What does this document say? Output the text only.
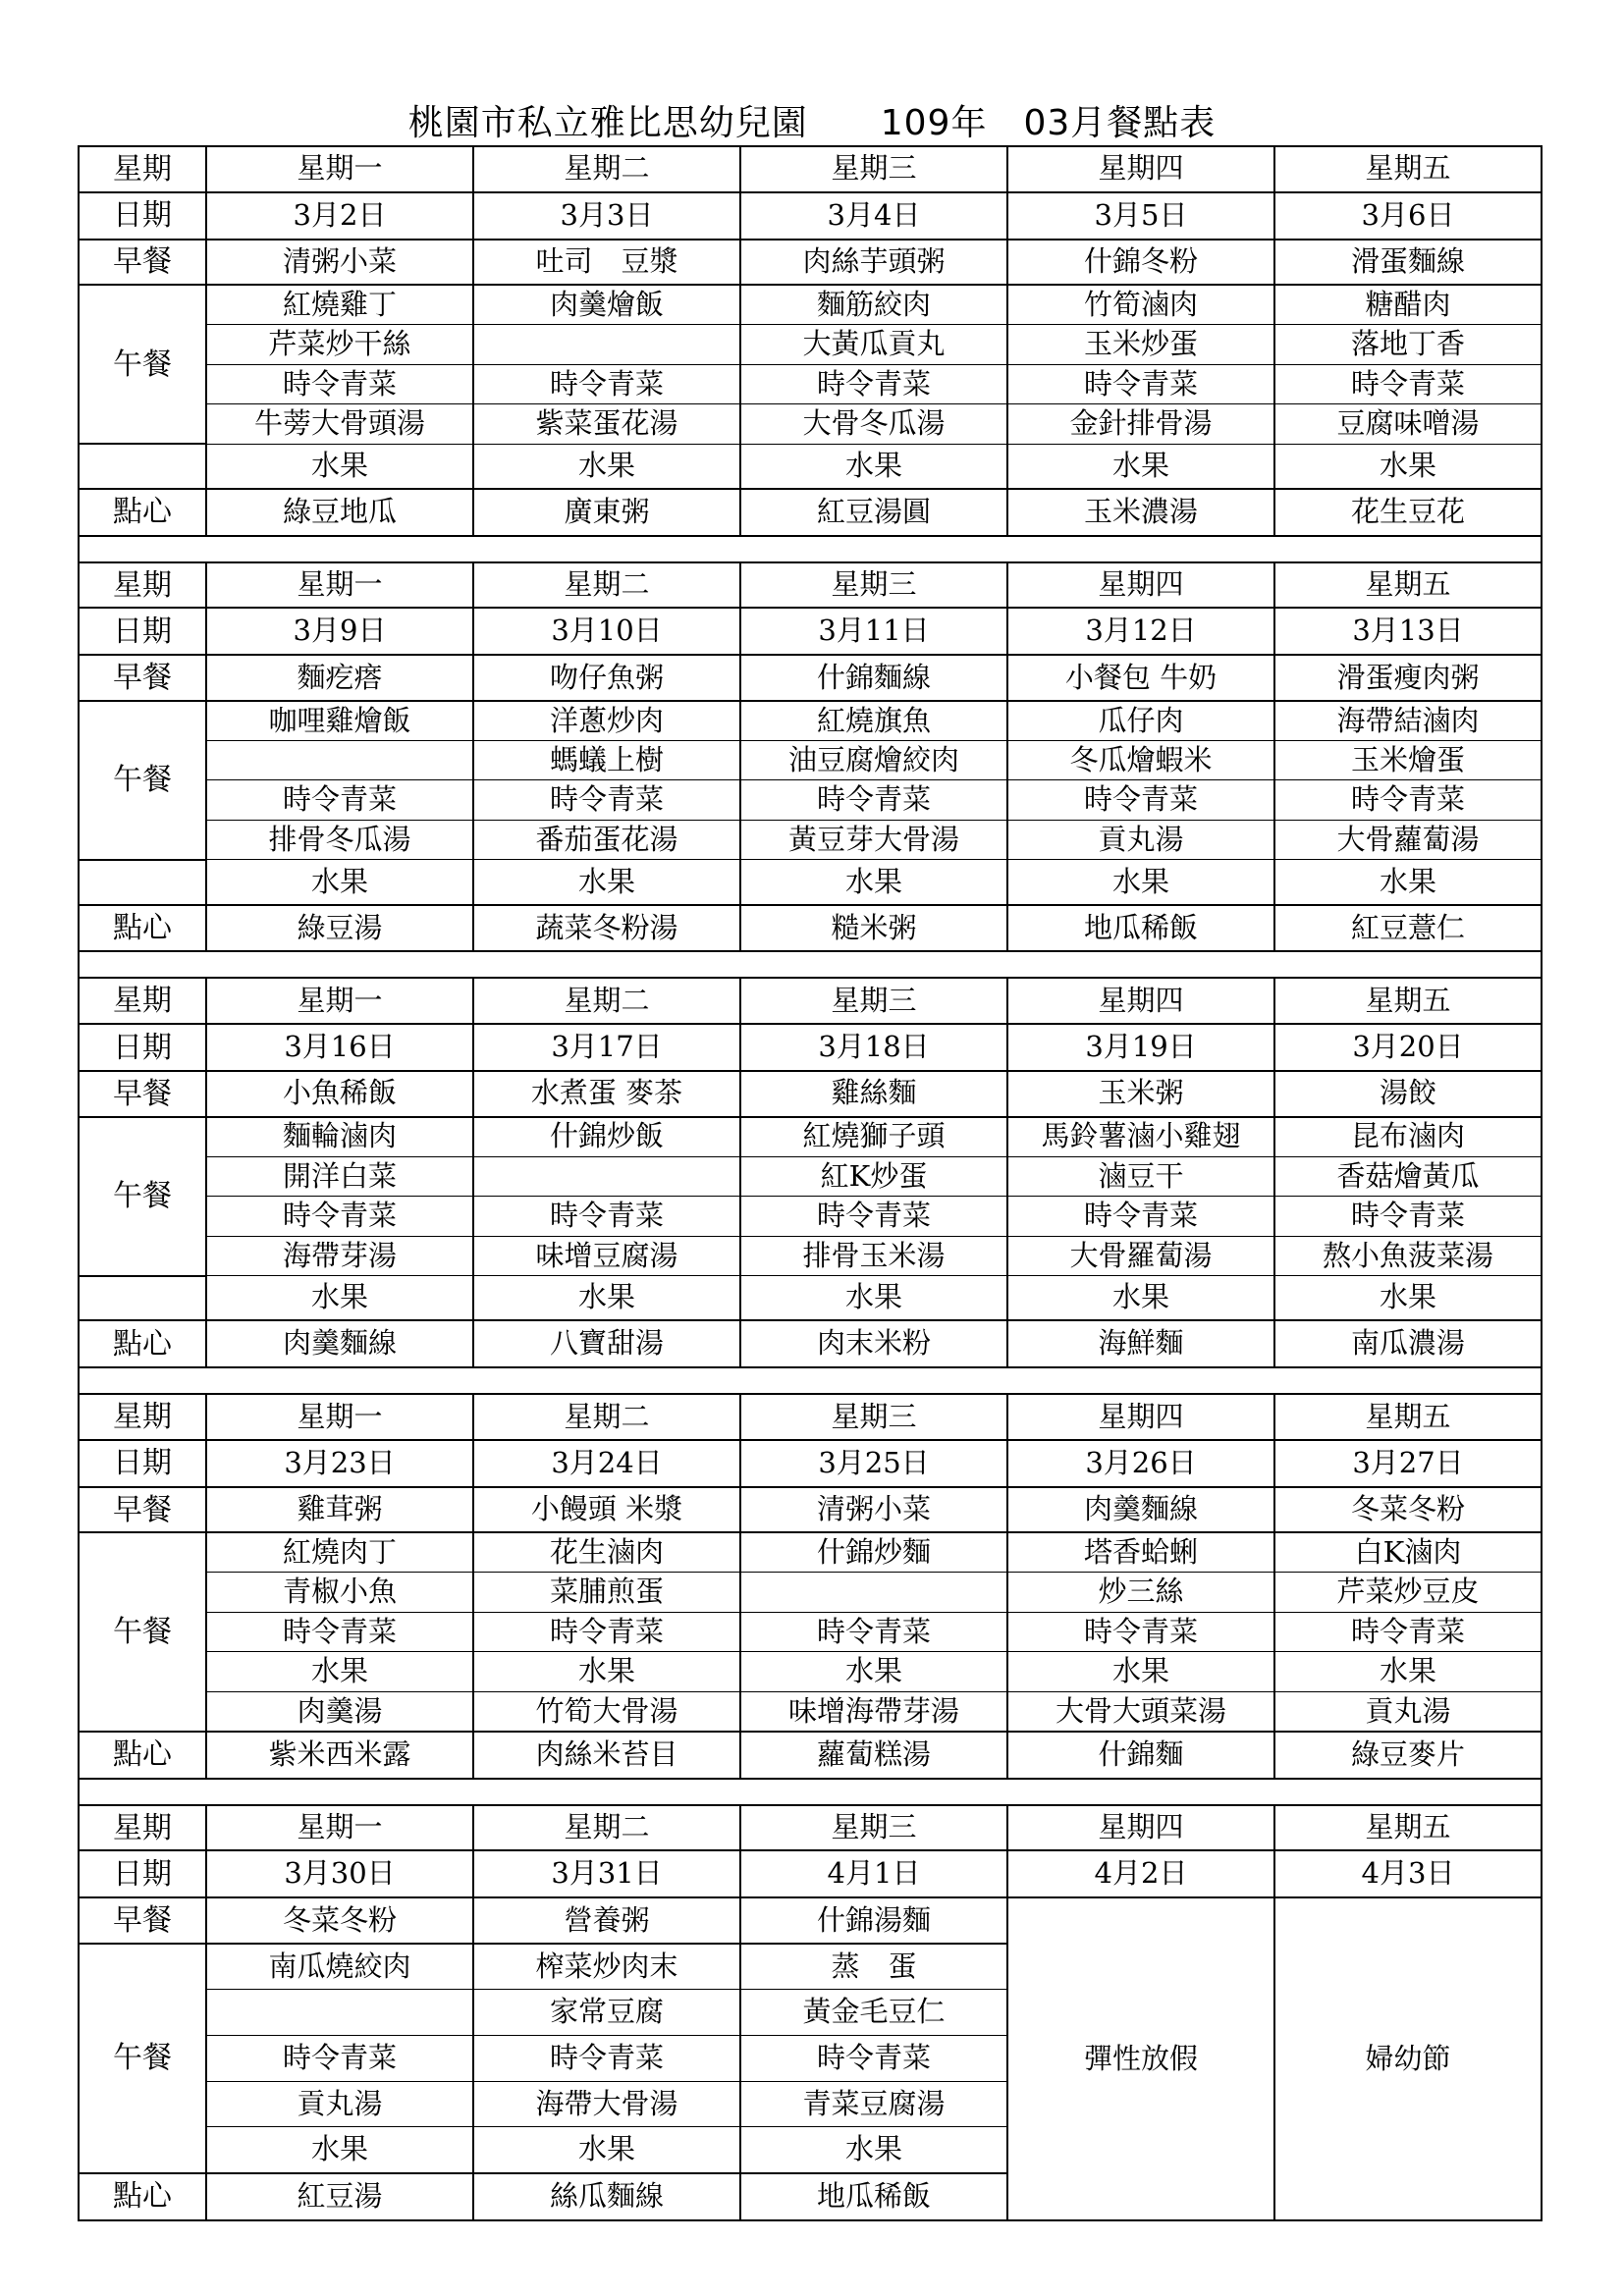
桃園市私立雅比思幼兒園　　109年　03月餐點表
星期	星期一	星期二	星期三	星期四	星期五
日期	3月2日	3月3日	3月4日	3月5日	3月6日
早餐	清粥小菜	吐司　豆漿	肉絲芋頭粥	什錦冬粉	滑蛋麵線
午餐	紅燒雞丁	肉羹燴飯	麵筋絞肉	竹筍滷肉	糖醋肉
	芹菜炒干絲		大黃瓜貢丸	玉米炒蛋	落地丁香
	時令青菜	時令青菜	時令青菜	時令青菜	時令青菜
	牛蒡大骨頭湯	紫菜蛋花湯	大骨冬瓜湯	金針排骨湯	豆腐味噌湯
	水果	水果	水果	水果	水果
點心	綠豆地瓜	廣東粥	紅豆湯圓	玉米濃湯	花生豆花

星期	星期一	星期二	星期三	星期四	星期五
日期	3月9日	3月10日	3月11日	3月12日	3月13日
早餐	麵疙瘩	吻仔魚粥	什錦麵線	小餐包 牛奶	滑蛋瘦肉粥
午餐	咖哩雞燴飯	洋蔥炒肉	紅燒旗魚	瓜仔肉	海帶結滷肉
		螞蟻上樹	油豆腐燴絞肉	冬瓜燴蝦米	玉米燴蛋
	時令青菜	時令青菜	時令青菜	時令青菜	時令青菜
	排骨冬瓜湯	番茄蛋花湯	黃豆芽大骨湯	貢丸湯	大骨蘿蔔湯
	水果	水果	水果	水果	水果
點心	綠豆湯	蔬菜冬粉湯	糙米粥	地瓜稀飯	紅豆薏仁

星期	星期一	星期二	星期三	星期四	星期五
日期	3月16日	3月17日	3月18日	3月19日	3月20日
早餐	小魚稀飯	水煮蛋 麥茶	雞絲麵	玉米粥	湯餃
午餐	麵輪滷肉	什錦炒飯	紅燒獅子頭	馬鈴薯滷小雞翅	昆布滷肉
	開洋白菜		紅K炒蛋	滷豆干	香菇燴黃瓜
	時令青菜	時令青菜	時令青菜	時令青菜	時令青菜
	海帶芽湯	味增豆腐湯	排骨玉米湯	大骨羅蔔湯	熬小魚菠菜湯
	水果	水果	水果	水果	水果
點心	肉羹麵線	八寶甜湯	肉末米粉	海鮮麵	南瓜濃湯

星期	星期一	星期二	星期三	星期四	星期五
日期	3月23日	3月24日	3月25日	3月26日	3月27日
早餐	雞茸粥	小饅頭 米漿	清粥小菜	肉羹麵線	冬菜冬粉
午餐	紅燒肉丁	花生滷肉	什錦炒麵	塔香蛤蜊	白K滷肉
	青椒小魚	菜脯煎蛋		炒三絲	芹菜炒豆皮
	時令青菜	時令青菜	時令青菜	時令青菜	時令青菜
	水果	水果	水果	水果	水果
	肉羹湯	竹筍大骨湯	味增海帶芽湯	大骨大頭菜湯	貢丸湯
點心	紫米西米露	肉絲米苔目	蘿蔔糕湯	什錦麵	綠豆麥片

星期	星期一	星期二	星期三	星期四	星期五
日期	3月30日	3月31日	4月1日	4月2日	4月3日
早餐	冬菜冬粉	營養粥	什錦湯麵	彈性放假	婦幼節
午餐	南瓜燒絞肉	榨菜炒肉末	蒸　蛋		
		家常豆腐	黃金毛豆仁		
	時令青菜	時令青菜	時令青菜		
	貢丸湯	海帶大骨湯	青菜豆腐湯		
	水果	水果	水果		
點心	紅豆湯	絲瓜麵線	地瓜稀飯		
